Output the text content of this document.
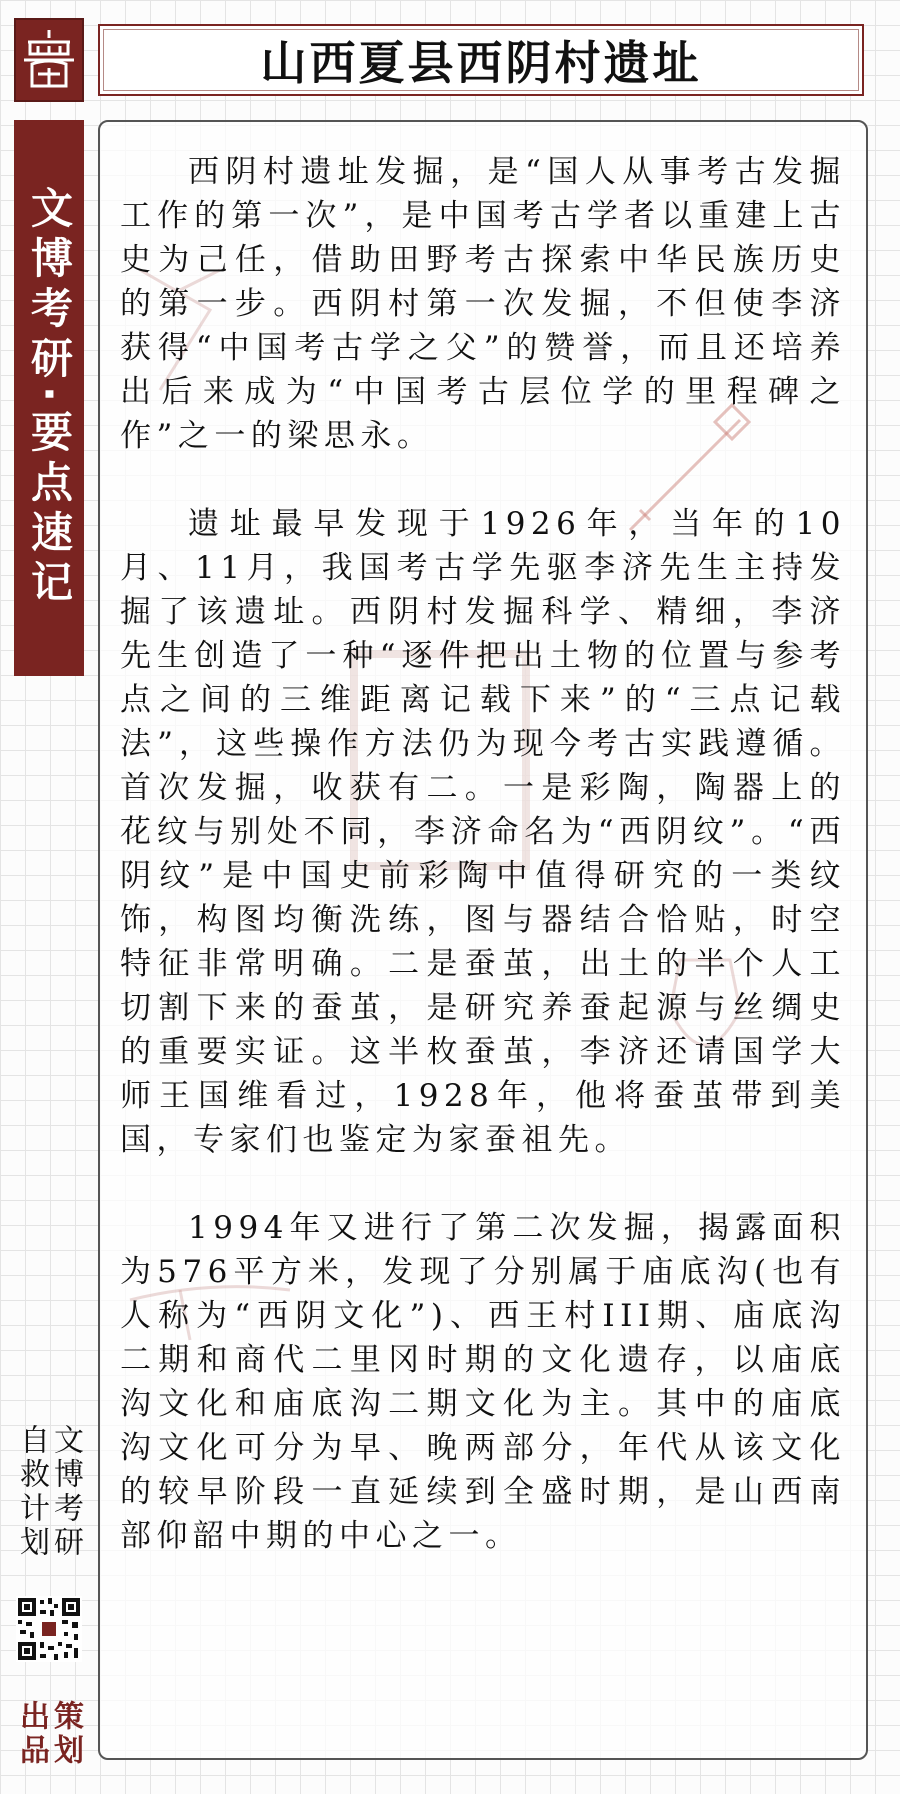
山西夏县西阴村遗址
文博考研·要点速记
文博考研
自救计划
策划
出品

西阴村遗址发掘，是“国人从事考古发掘工作的第一次”，是中国考古学者以重建上古史为己任，借助田野考古探索中华民族历史的第一步。西阴村第一次发掘，不但使李济获得“中国考古学之父”的赞誉，而且还培养出后来成为“中国考古层位学的里程碑之作”之一的梁思永。

遗址最早发现于1926年，当年的10月、11月，我国考古学先驱李济先生主持发掘了该遗址。西阴村发掘科学、精细，李济先生创造了一种“逐件把出土物的位置与参考点之间的三维距离记载下来”的“三点记载法”，这些操作方法仍为现今考古实践遵循。首次发掘，收获有二。一是彩陶，陶器上的花纹与别处不同，李济命名为“西阴纹”。“西阴纹”是中国史前彩陶中值得研究的一类纹饰，构图均衡洗练，图与器结合恰贴，时空特征非常明确。二是蚕茧，出土的半个人工切割下来的蚕茧，是研究养蚕起源与丝绸史的重要实证。这半枚蚕茧，李济还请国学大师王国维看过，1928年，他将蚕茧带到美国，专家们也鉴定为家蚕祖先。

1994年又进行了第二次发掘，揭露面积为576平方米，发现了分别属于庙底沟(也有人称为“西阴文化”)、西王村III期、庙底沟二期和商代二里冈时期的文化遗存，以庙底沟文化和庙底沟二期文化为主。其中的庙底沟文化可分为早、晚两部分，年代从该文化的较早阶段一直延续到全盛时期，是山西南部仰韶中期的中心之一。
